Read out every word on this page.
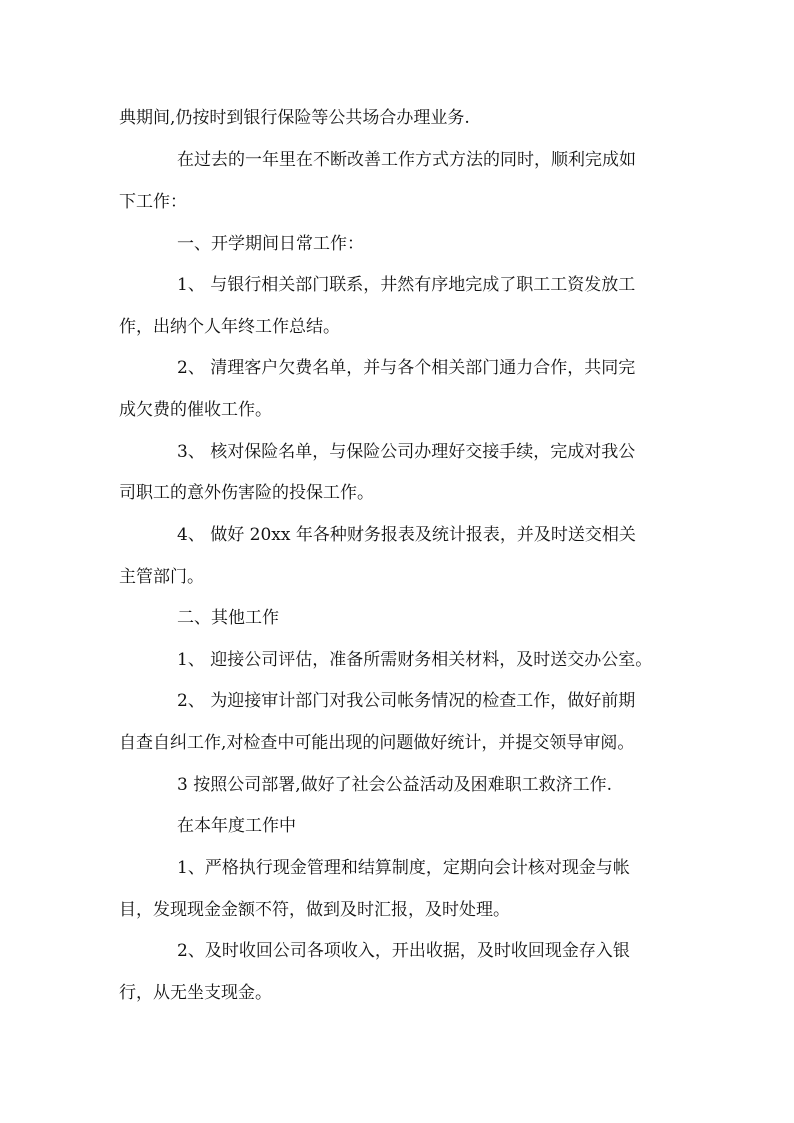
典期间,仍按时到银行保险等公共场合办理业务.
在过去的一年里在不断改善工作方式方法的同时，顺利完成如
下工作：
一、开学期间日常工作：
1、 与银行相关部门联系，井然有序地完成了职工工资发放工
作，出纳个人年终工作总结。
2、 清理客户欠费名单，并与各个相关部门通力合作，共同完
成欠费的催收工作。
3、 核对保险名单，与保险公司办理好交接手续，完成对我公
司职工的意外伤害险的投保工作。
4、 做好 20xx 年各种财务报表及统计报表，并及时送交相关
主管部门。
二、其他工作
1、 迎接公司评估，准备所需财务相关材料，及时送交办公室。
2、 为迎接审计部门对我公司帐务情况的检查工作，做好前期
自查自纠工作,对检查中可能出现的问题做好统计，并提交领导审阅。
3 按照公司部署,做好了社会公益活动及困难职工救济工作.
在本年度工作中
1、严格执行现金管理和结算制度，定期向会计核对现金与帐
目，发现现金金额不符，做到及时汇报，及时处理。
2、及时收回公司各项收入，开出收据，及时收回现金存入银
行，从无坐支现金。
